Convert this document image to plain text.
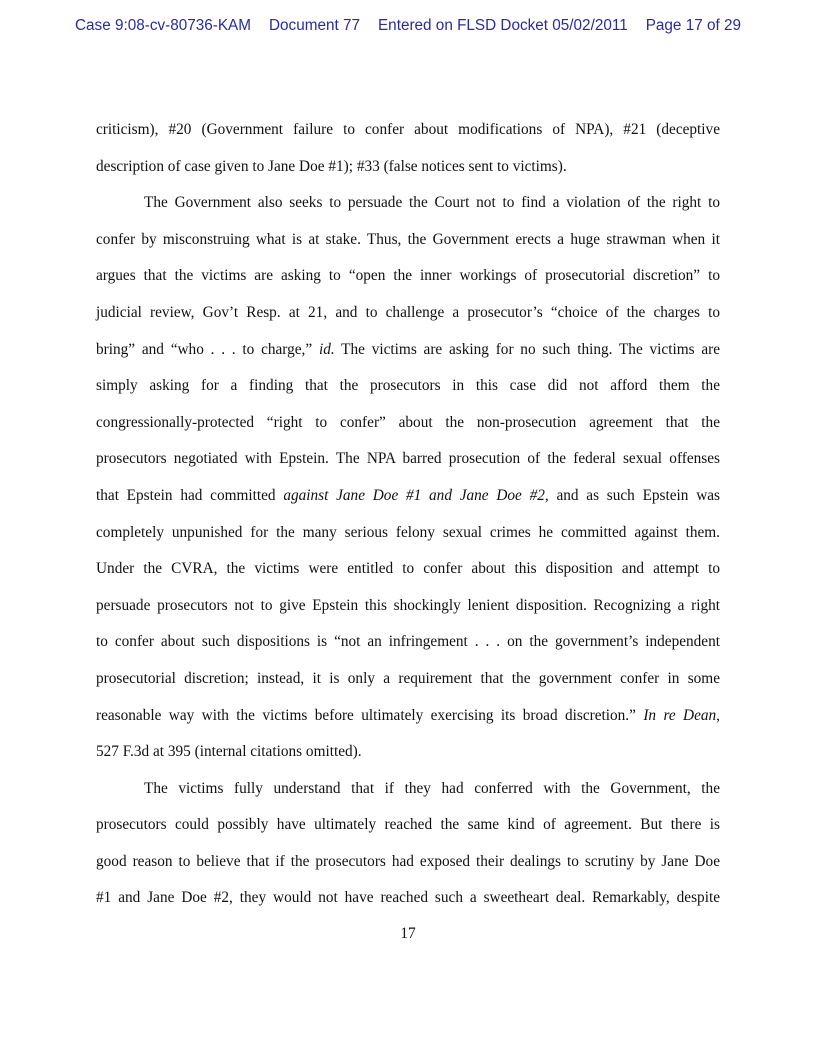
Case 9:08-cv-80736-KAM Document 77 Entered on FLSD Docket 05/02/2011 Page 17 of 29
criticism), #20 (Government failure to confer about modifications of NPA), #21 (deceptive
description of case given to Jane Doe #1); #33 (false notices sent to victims).
The Government also seeks to persuade the Court not to find a violation of the right to
confer by misconstruing what is at stake. Thus, the Government erects a huge strawman when it
argues that the victims are asking to “open the inner workings of prosecutorial discretion” to
judicial review, Gov’t Resp. at 21, and to challenge a prosecutor’s “choice of the charges to
bring” and “who . . . to charge,” id. The victims are asking for no such thing. The victims are
simply asking for a finding that the prosecutors in this case did not afford them the
congressionally-protected “right to confer” about the non-prosecution agreement that the
prosecutors negotiated with Epstein. The NPA barred prosecution of the federal sexual offenses
that Epstein had committed against Jane Doe #1 and Jane Doe #2, and as such Epstein was
completely unpunished for the many serious felony sexual crimes he committed against them.
Under the CVRA, the victims were entitled to confer about this disposition and attempt to
persuade prosecutors not to give Epstein this shockingly lenient disposition. Recognizing a right
to confer about such dispositions is “not an infringement . . . on the government’s independent
prosecutorial discretion; instead, it is only a requirement that the government confer in some
reasonable way with the victims before ultimately exercising its broad discretion.” In re Dean,
527 F.3d at 395 (internal citations omitted).
The victims fully understand that if they had conferred with the Government, the
prosecutors could possibly have ultimately reached the same kind of agreement. But there is
good reason to believe that if the prosecutors had exposed their dealings to scrutiny by Jane Doe
#1 and Jane Doe #2, they would not have reached such a sweetheart deal. Remarkably, despite
17
